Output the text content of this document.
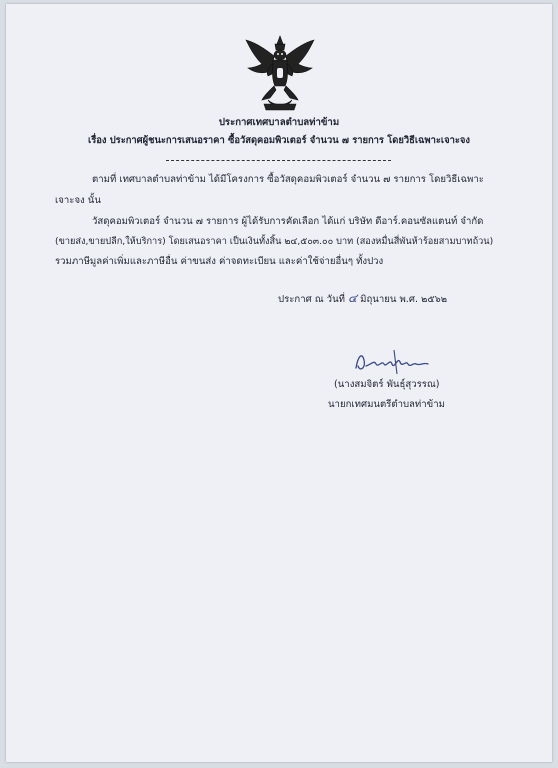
ประกาศเทศบาลตำบลท่าข้าม
เรื่อง ประกาศผู้ชนะการเสนอราคา ซื้อวัสดุคอมพิวเตอร์ จำนวน ๗ รายการ โดยวิธีเฉพาะเจาะจง
ตามที่ เทศบาลตำบลท่าข้าม ได้มีโครงการ ซื้อวัสดุคอมพิวเตอร์ จำนวน ๗ รายการ โดยวิธีเฉพาะ
เจาะจง นั้น
วัสดุคอมพิวเตอร์ จำนวน ๗ รายการ ผู้ได้รับการคัดเลือก ได้แก่ บริษัท ดีอาร์.คอนซัลแตนท์ จำกัด
(ขายส่ง,ขายปลีก,ให้บริการ) โดยเสนอราคา เป็นเงินทั้งสิ้น ๒๔,๕๐๓.๐๐ บาท (สองหมื่นสี่พันห้าร้อยสามบาทถ้วน)
รวมภาษีมูลค่าเพิ่มและภาษีอื่น ค่าขนส่ง ค่าจดทะเบียน และค่าใช้จ่ายอื่นๆ ทั้งปวง
ประกาศ ณ วันที่ ๔ มิถุนายน พ.ศ. ๒๕๖๒
(นางสมจิตร์ พันธุ์สุวรรณ)
นายกเทศมนตรีตำบลท่าข้าม
